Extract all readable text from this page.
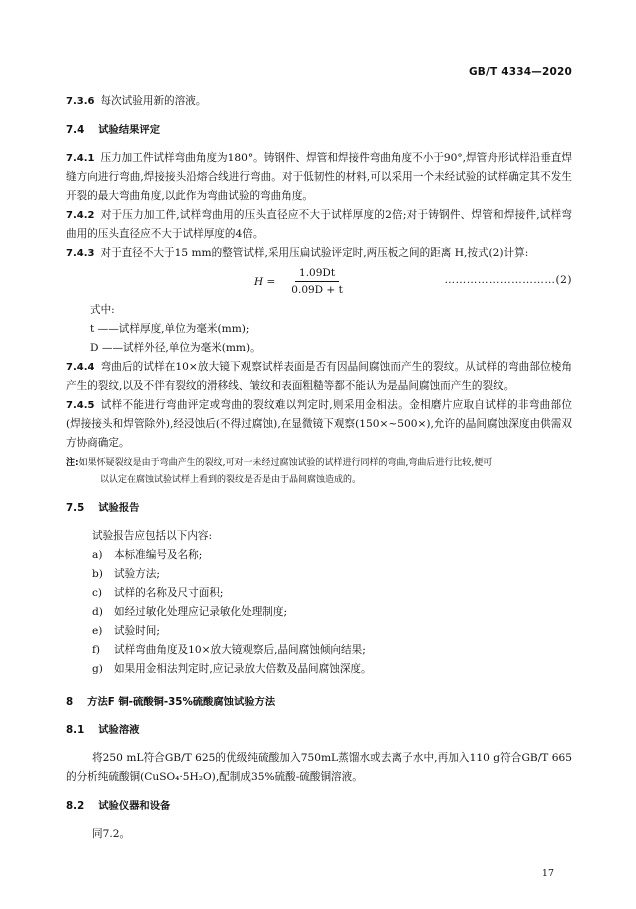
GB/T 4334—2020

7.3.6 每次试验用新的溶液。

7.4 试验结果评定

7.4.1 压力加工件试样弯曲角度为180°。铸钢件、焊管和焊接件弯曲角度不小于90°,焊管舟形试样沿垂直焊缝方向进行弯曲,焊接接头沿熔合线进行弯曲。对于低韧性的材料,可以采用一个未经试验的试样确定其不发生开裂的最大弯曲角度,以此作为弯曲试验的弯曲角度。

7.4.2 对于压力加工件,试样弯曲用的压头直径应不大于试样厚度的2倍;对于铸钢件、焊管和焊接件,试样弯曲用的压头直径应不大于试样厚度的4倍。

7.4.3 对于直径不大于15 mm的整管试样,采用压扁试验评定时,两压板之间的距离 H,按式(2)计算:

$H = \frac{1.09Dt}{0.09D + t}$	…………………………(2)

式中:

t ——试样厚度,单位为毫米(mm);

D ——试样外径,单位为毫米(mm)。

7.4.4 弯曲后的试样在10×放大镜下观察试样表面是否有因晶间腐蚀而产生的裂纹。从试样的弯曲部位棱角产生的裂纹,以及不伴有裂纹的滑移线、皱纹和表面粗糙等都不能认为是晶间腐蚀而产生的裂纹。

7.4.5 试样不能进行弯曲评定或弯曲的裂纹难以判定时,则采用金相法。金相磨片应取自试样的非弯曲部位(焊接接头和焊管除外),经浸蚀后(不得过腐蚀),在显微镜下观察(150×~500×),允许的晶间腐蚀深度由供需双方协商确定。

注:如果怀疑裂纹是由于弯曲产生的裂纹,可对一未经过腐蚀试验的试样进行同样的弯曲,弯曲后进行比较,便可

以认定在腐蚀试验试样上看到的裂纹是否是由于晶间腐蚀造成的。

7.5 试验报告

试验报告应包括以下内容:

a) 本标准编号及名称;
b) 试验方法;
c) 试样的名称及尺寸面积;
d) 如经过敏化处理应记录敏化处理制度;
e) 试验时间;
f) 试样弯曲角度及10×放大镜观察后,晶间腐蚀倾向结果;
g) 如果用金相法判定时,应记录放大倍数及晶间腐蚀深度。
8 方法F 铜-硫酸铜-35%硫酸腐蚀试验方法
8.1 试验溶液

将250 mL符合GB/T 625的优级纯硫酸加入750mL蒸馏水或去离子水中,再加入110 g符合GB/T 665的分析纯硫酸铜(CuSO₄·5H₂O),配制成35%硫酸-硫酸铜溶液。

8.2 试验仪器和设备

同7.2。

17
